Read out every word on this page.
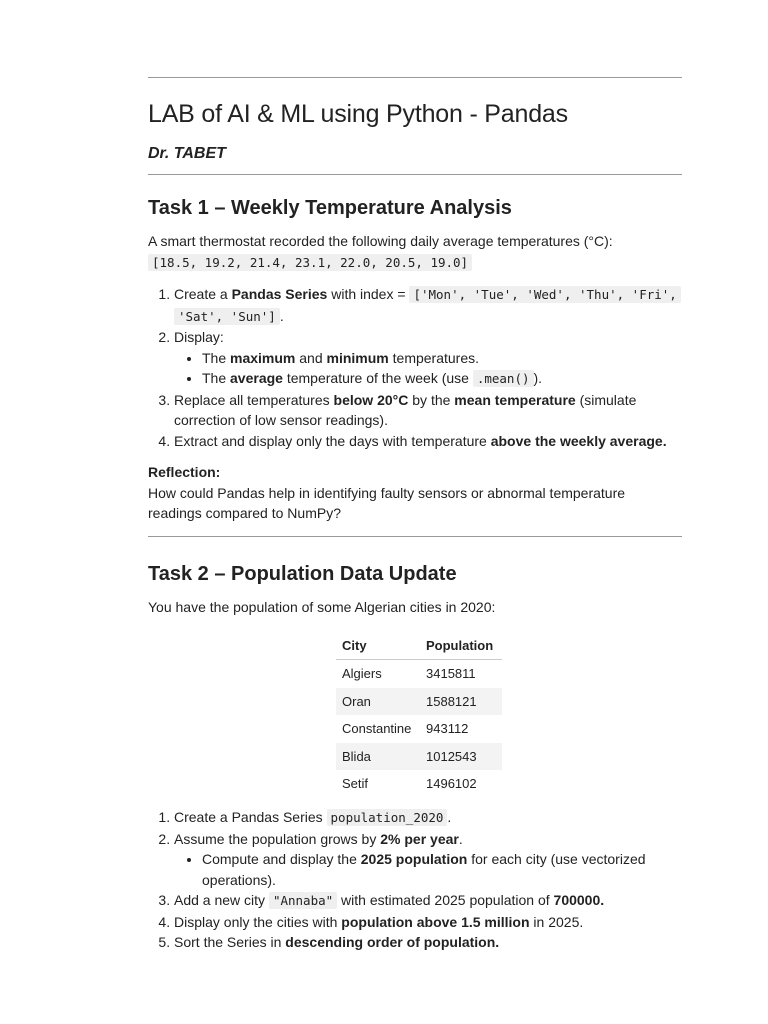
LAB of AI & ML using Python - Pandas
Dr. TABET
Task 1 – Weekly Temperature Analysis

A smart thermostat recorded the following daily average temperatures (°C):

[18.5, 19.2, 21.4, 23.1, 22.0, 20.5, 19.0]

1. Create a Pandas Series with index = ['Mon', 'Tue', 'Wed', 'Thu', 'Fri', 'Sat', 'Sun'] .
2. Display:
• The maximum and minimum temperatures.
• The average temperature of the week (use .mean() ).
3. Replace all temperatures below 20°C by the mean temperature (simulate correction of low sensor readings).
4. Extract and display only the days with temperature above the weekly average.

Reflection:

How could Pandas help in identifying faulty sensors or abnormal temperature readings compared to NumPy?

Task 2 – Population Data Update

You have the population of some Algerian cities in 2020:

City	Population
Algiers	3415811
Oran	1588121
Constantine	943112
Blida	1012543
Setif	1496102
1. Create a Pandas Series population_2020 .
2. Assume the population grows by 2% per year.
• Compute and display the 2025 population for each city (use vectorized operations).
3. Add a new city "Annaba" with estimated 2025 population of 700000.
4. Display only the cities with population above 1.5 million in 2025.
5. Sort the Series in descending order of population.
